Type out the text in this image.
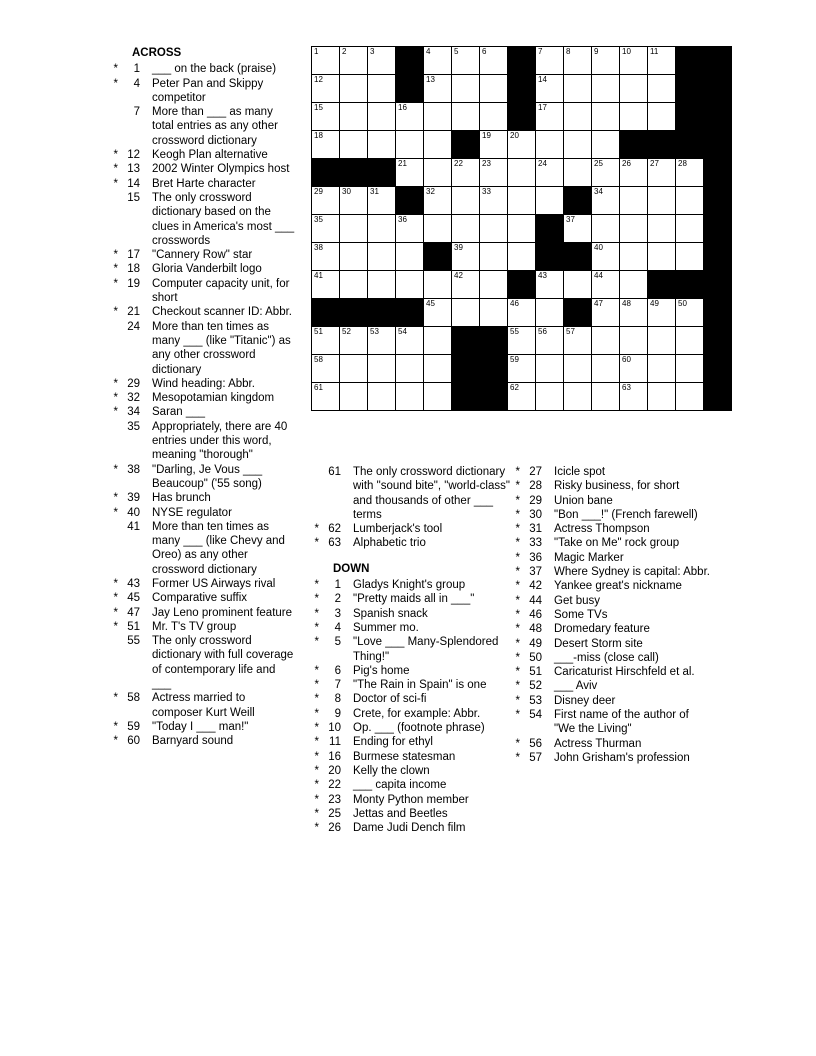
1	2	3		4	5	6		7	8	9	10	11		

12				13				14						

15			16					17						

18						19	20							

			21		22	23		24		25	26	27	28	

29	30	31		32		33				34				

35			36						37					

38					39					40				

41					42			43		44				

				45			46			47	48	49	50	

51	52	53	54				55	56	57					

58							59				60			

61							62				63			

ACROSS
*	1 ___ on the back (praise)
*	4 Peter Pan and Skippy competitor
7 More than ___ as many total entries as any other crossword dictionary
* 12 Keogh Plan alternative
* 13 2002 Winter Olympics host
* 14 Bret Harte character
15 The only crossword dictionary based on the clues in America's most ___ crosswords
* 17 "Cannery Row" star
* 18 Gloria Vanderbilt logo
* 19 Computer capacity unit, for short
* 21 Checkout scanner ID: Abbr.
24 More than ten times as many ___ (like "Titanic") as any other crossword dictionary
* 29 Wind heading: Abbr.
* 32 Mesopotamian kingdom
* 34 Saran ___
35 Appropriately, there are 40 entries under this word, meaning "thorough"
* 38 "Darling, Je Vous ___ Beaucoup" ('55 song)
* 39 Has brunch
* 40 NYSE regulator
41 More than ten times as many ___ (like Chevy and Oreo) as any other crossword dictionary
* 43 Former US Airways rival
* 45 Comparative suffix
* 47 Jay Leno prominent feature
* 51 Mr. T's TV group
55 The only crossword dictionary with full coverage of contemporary life and ___
* 58 Actress married to composer Kurt Weill
* 59 "Today I ___ man!"
* 60 Barnyard sound
61 The only crossword dictionary with "sound bite", "world-class" and thousands of other ___ terms
* 62 Lumberjack's tool
* 63 Alphabetic trio
DOWN
*	1 Gladys Knight's group
*	2 "Pretty maids all in ___"
*	3 Spanish snack
*	4 Summer mo.
*	5 "Love ___ Many-Splendored Thing!"
*	6 Pig's home
*	7 "The Rain in Spain" is one
*	8 Doctor of sci-fi
*	9 Crete, for example: Abbr.
* 10 Op. ___ (footnote phrase)
* 11 Ending for ethyl
* 16 Burmese statesman
* 20 Kelly the clown
* 22 ___ capita income
* 23 Monty Python member
* 25 Jettas and Beetles
* 26 Dame Judi Dench film
* 27 Icicle spot
* 28 Risky business, for short
* 29 Union bane
* 30 "Bon ___!" (French farewell)
* 31 Actress Thompson
* 33 "Take on Me" rock group
* 36 Magic Marker
* 37 Where Sydney is capital: Abbr.
* 42 Yankee great's nickname
* 44 Get busy
* 46 Some TVs
* 48 Dromedary feature
* 49 Desert Storm site
* 50 ___-miss (close call)
* 51 Caricaturist Hirschfeld et al.
* 52 ___ Aviv
* 53 Disney deer
* 54 First name of the author of "We the Living"
* 56 Actress Thurman
* 57 John Grisham's profession
